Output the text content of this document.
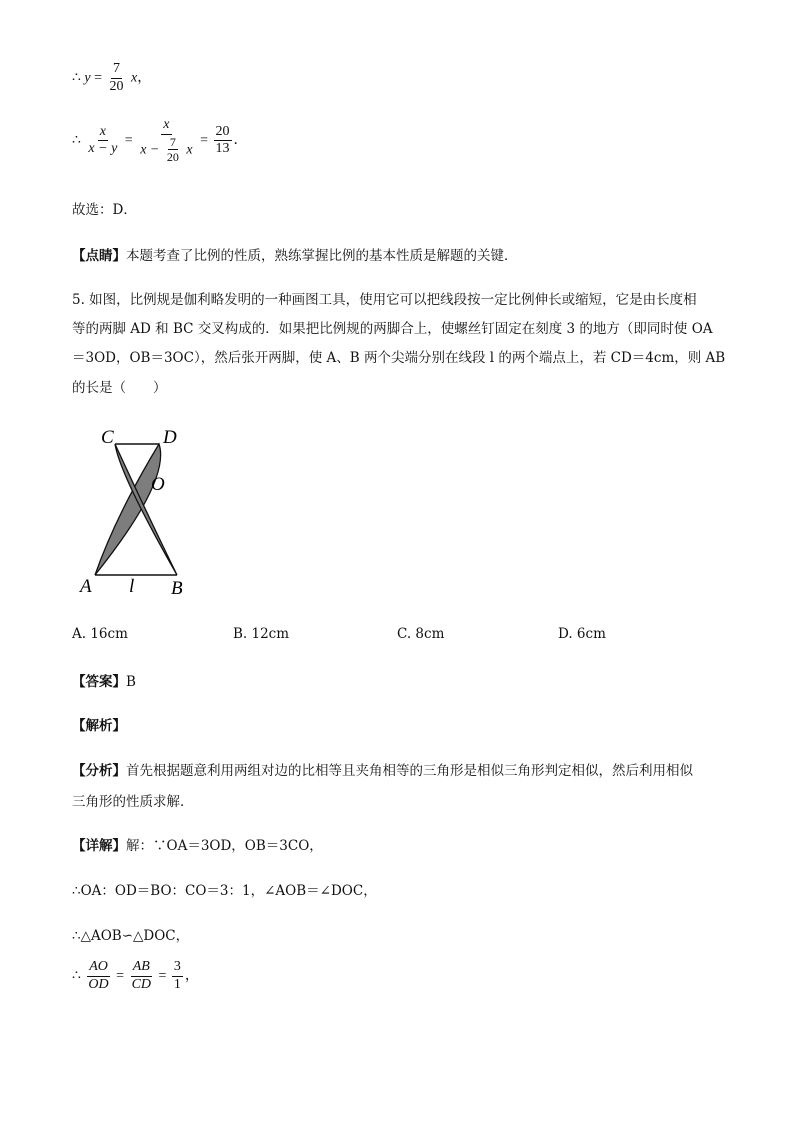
∴ $y = \frac{7}{20}$ x，
∴ $\frac{x}{x - y} = \frac{x}{x - \frac{7}{20} x} = \frac{20}{13}$ ．
故选：D．
【点睛】本题考查了比例的性质，熟练掌握比例的基本性质是解题的关键．
5. 如图，比例规是伽利略发明的一种画图工具，使用它可以把线段按一定比例伸长或缩短，它是由长度相
等的两脚 AD 和 BC 交叉构成的．如果把比例规的两脚合上，使螺丝钉固定在刻度 3 的地方（即同时使 OA
＝3OD，OB＝3OC），然后张开两脚，使 A、B 两个尖端分别在线段 l 的两个端点上，若 CD＝4cm，则 AB
的长是（　　）
C	D
O
A l B
A. 16cm	B. 12cm	C. 8cm	D. 6cm
【答案】B
【解析】
【分析】首先根据题意利用两组对边的比相等且夹角相等的三角形是相似三角形判定相似，然后利用相似
三角形的性质求解．
【详解】解：∵OA＝3OD，OB＝3CO，
∴OA：OD＝BO：CO＝3：1，∠AOB＝∠DOC，
∴△AOB∽△DOC，
∴ $\frac{AO}{OD} = \frac{AB}{CD} = \frac{3}{1}$ ，
